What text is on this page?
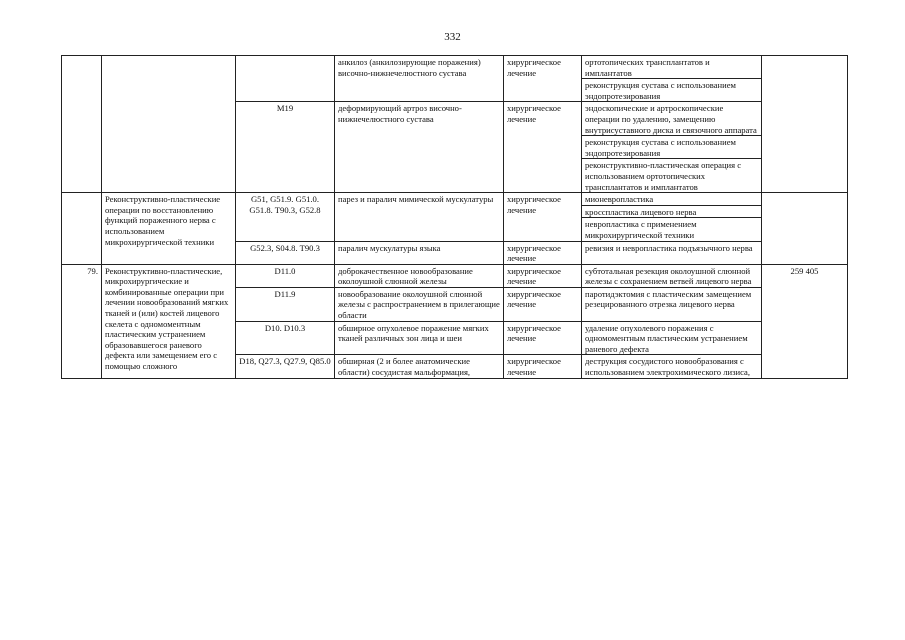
332
			анкилоз (анкилозирующие поражения) височно-нижнечелюстного сустава	хирургическое лечение	ортотопических трансплантатов и имплантатов	
					реконструкция сустава с использованием эндопротезирования	
		M19	деформирующий артроз височно-нижнечелюстного сустава	хирургическое лечение	эндоскопические и артроскопические операции по удалению, замещению внутрисуставного диска и связочного аппарата	
					реконструкция сустава с использованием эндопротезирования	
					реконструктивно-пластическая операция с использованием ортотопических трансплантатов и имплантатов	
	Реконструктивно-пластические операции по восстановлению функций пораженного нерва с использованием микрохирургической техники	G51, G51.9. G51.0. G51.8. T90.3, G52.8	парез и паралич мимической мускулатуры	хирургическое лечение	мионевропластика	
					кросспластика лицевого нерва	
					невропластика с применением микрохирургической техники	
		G52.3, S04.8. T90.3	паралич мускулатуры языка	хирургическое лечение	ревизия и невропластика подъязычного нерва	
79.	Реконструктивно-пластические, микрохирургические и комбинированные операции при лечении новообразований мягких тканей и (или) костей лицевого скелета с одномоментным пластическим устранением образовавшегося раневого дефекта или замещением его с помощью сложного	D11.0	доброкачественное новообразование околоушной слюнной железы	хирургическое лечение	субтотальная резекция околоушной слюнной железы с сохранением ветвей лицевого нерва	259 405
		D11.9	новообразование околоушной слюнной железы с распространением в прилегающие области	хирургическое лечение	паротидэктомия с пластическим замещением резецированного отрезка лицевого нерва	
		D10. D10.3	обширное опухолевое поражение мягких тканей различных зон лица и шеи	хирургическое лечение	удаление опухолевого поражения с одномоментным пластическим устранением раневого дефекта	
		D18, Q27.3, Q27.9, Q85.0	обширная (2 и более анатомические области) сосудистая мальформация,	хирургическое лечение	деструкция сосудистого новообразования с использованием электрохимического лизиса,	
